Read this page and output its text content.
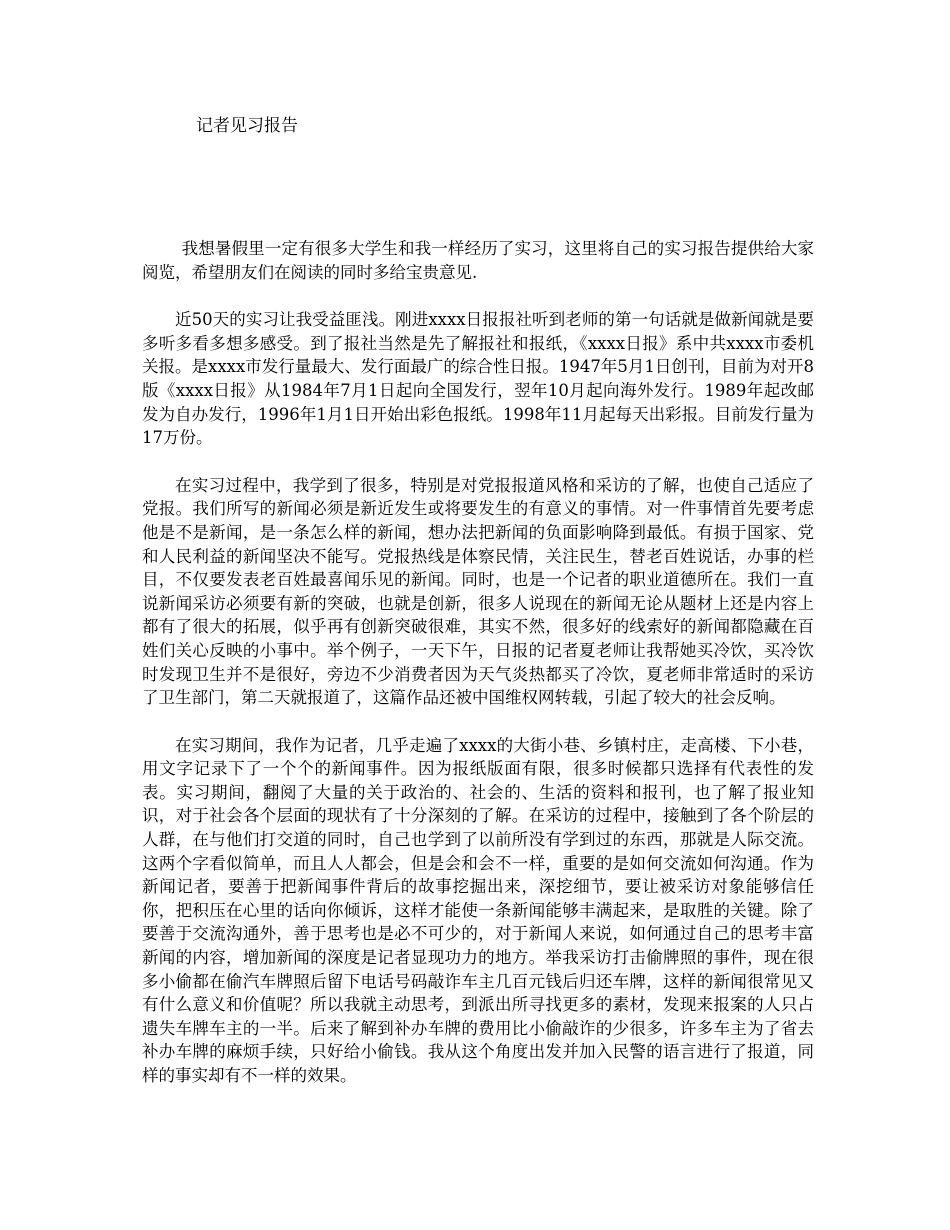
记者见习报告

我想暑假里一定有很多大学生和我一样经历了实习，这里将自己的实习报告提供给大家阅览，希望朋友们在阅读的同时多给宝贵意见.

近50天的实习让我受益匪浅。刚进xxxx日报报社听到老师的第一句话就是做新闻就是要多听多看多想多感受。到了报社当然是先了解报社和报纸，《xxxx日报》系中共xxxx市委机关报。是xxxx市发行量最大、发行面最广的综合性日报。1947年5月1日创刊，目前为对开8版《xxxx日报》从1984年7月1日起向全国发行，翌年10月起向海外发行。1989年起改邮发为自办发行，1996年1月1日开始出彩色报纸。1998年11月起每天出彩报。目前发行量为17万份。

在实习过程中，我学到了很多，特别是对党报报道风格和采访的了解，也使自己适应了党报。我们所写的新闻必须是新近发生或将要发生的有意义的事情。对一件事情首先要考虑他是不是新闻，是一条怎么样的新闻，想办法把新闻的负面影响降到最低。有损于国家、党和人民利益的新闻坚决不能写。党报热线是体察民情，关注民生，替老百姓说话，办事的栏目，不仅要发表老百姓最喜闻乐见的新闻。同时，也是一个记者的职业道德所在。我们一直说新闻采访必须要有新的突破，也就是创新，很多人说现在的新闻无论从题材上还是内容上都有了很大的拓展，似乎再有创新突破很难，其实不然，很多好的线索好的新闻都隐藏在百姓们关心反映的小事中。举个例子，一天下午，日报的记者夏老师让我帮她买冷饮，买冷饮时发现卫生并不是很好，旁边不少消费者因为天气炎热都买了冷饮，夏老师非常适时的采访了卫生部门，第二天就报道了，这篇作品还被中国维权网转载，引起了较大的社会反响。

在实习期间，我作为记者，几乎走遍了xxxx的大街小巷、乡镇村庄，走高楼、下小巷，用文字记录下了一个个的新闻事件。因为报纸版面有限，很多时候都只选择有代表性的发表。实习期间，翻阅了大量的关于政治的、社会的、生活的资料和报刊，也了解了报业知识，对于社会各个层面的现状有了十分深刻的了解。在采访的过程中，接触到了各个阶层的人群，在与他们打交道的同时，自己也学到了以前所没有学到过的东西，那就是人际交流。这两个字看似简单，而且人人都会，但是会和会不一样，重要的是如何交流如何沟通。作为新闻记者，要善于把新闻事件背后的故事挖掘出来，深挖细节，要让被采访对象能够信任你，把积压在心里的话向你倾诉，这样才能使一条新闻能够丰满起来，是取胜的关键。除了要善于交流沟通外，善于思考也是必不可少的，对于新闻人来说，如何通过自己的思考丰富新闻的内容，增加新闻的深度是记者显现功力的地方。举我采访打击偷牌照的事件，现在很多小偷都在偷汽车牌照后留下电话号码敲诈车主几百元钱后归还车牌，这样的新闻很常见又有什么意义和价值呢？所以我就主动思考，到派出所寻找更多的素材，发现来报案的人只占遗失车牌车主的一半。后来了解到补办车牌的费用比小偷敲诈的少很多，许多车主为了省去补办车牌的麻烦手续，只好给小偷钱。我从这个角度出发并加入民警的语言进行了报道，同样的事实却有不一样的效果。
